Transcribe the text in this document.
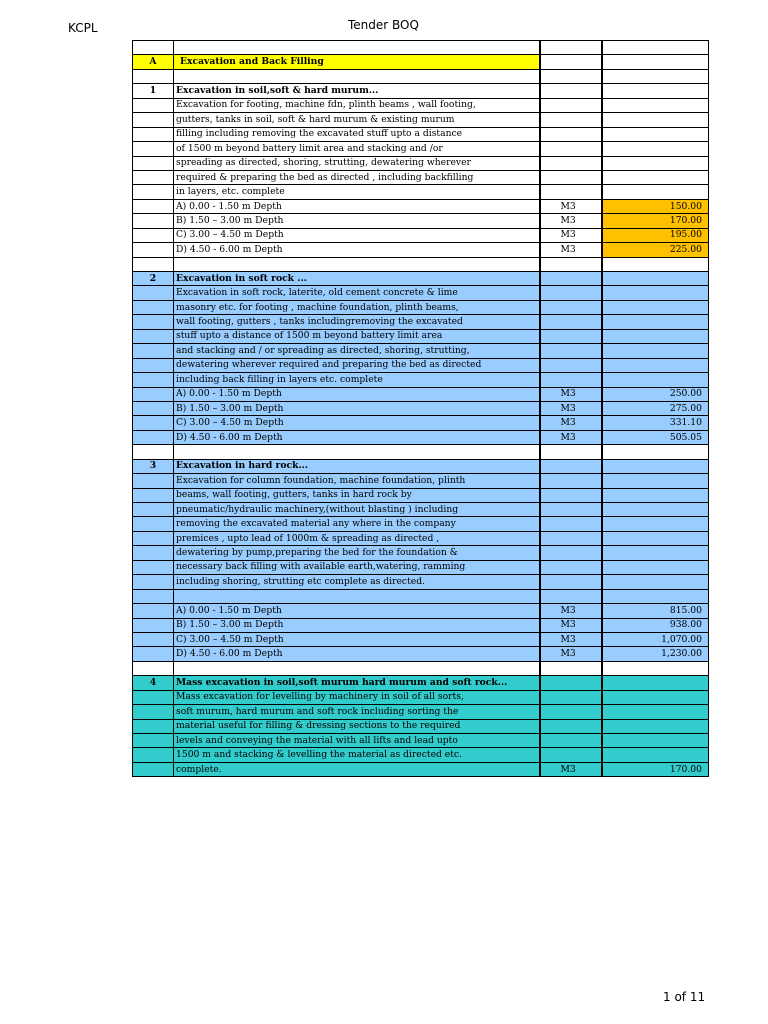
KCPL	Tender BOQ

A	Excavation and Back Filling		

1	Excavation in soil,soft & hard murum...		
	Excavation for footing, machine fdn, plinth beams , wall footing,		
	gutters, tanks in soil, soft & hard murum & existing murum		
	filling including removing the excavated stuff upto a distance		
	of 1500 m beyond battery limit area and stacking and /or		
	spreading as directed, shoring, strutting, dewatering wherever		
	required & preparing the bed as directed , including backfilling		
	in layers, etc. complete		
	A) 0.00 - 1.50 m Depth	M3	150.00
	B) 1.50 – 3.00 m Depth	M3	170.00
	C) 3.00 – 4.50 m Depth	M3	195.00
	D) 4.50 - 6.00 m Depth	M3	225.00

2	Excavation in soft rock ...		
	Excavation in soft rock, laterite, old cement concrete & lime		
	masonry etc. for footing , machine foundation, plinth beams,		
	wall footing, gutters , tanks includingremoving the excavated		
	stuff upto a distance of 1500 m beyond battery limit area		
	and stacking and / or spreading as directed, shoring, strutting,		
	dewatering wherever required and preparing the bed as directed		
	including back filling in layers etc. complete		
	A) 0.00 - 1.50 m Depth	M3	250.00
	B) 1.50 – 3.00 m Depth	M3	275.00
	C) 3.00 – 4.50 m Depth	M3	331.10
	D) 4.50 - 6.00 m Depth	M3	505.05

3	Excavation in hard rock...		
	Excavation for column foundation, machine foundation, plinth		
	beams, wall footing, gutters, tanks in hard rock by		
	pneumatic/hydraulic machinery,(without blasting ) including		
	removing the excavated material any where in the company		
	premices , upto lead of 1000m & spreading as directed ,		
	dewatering by pump,preparing the bed for the foundation &		
	necessary back filling with available earth,watering, ramming		
	including shoring, strutting etc complete as directed.		

	A) 0.00 - 1.50 m Depth	M3	815.00
	B) 1.50 – 3.00 m Depth	M3	938.00
	C) 3.00 – 4.50 m Depth	M3	1,070.00
	D) 4.50 - 6.00 m Depth	M3	1,230.00

4	Mass excavation in soil,soft murum hard murum and soft rock...		
	Mass excavation for levelling by machinery in soil of all sorts,		
	soft murum, hard murum and soft rock including sorting the		
	material useful for filling & dressing sections to the required		
	levels and conveying the material with all lifts and lead upto		
	1500 m and stacking & levelling the material as directed etc.		
	complete.	M3	170.00
1 of 11
